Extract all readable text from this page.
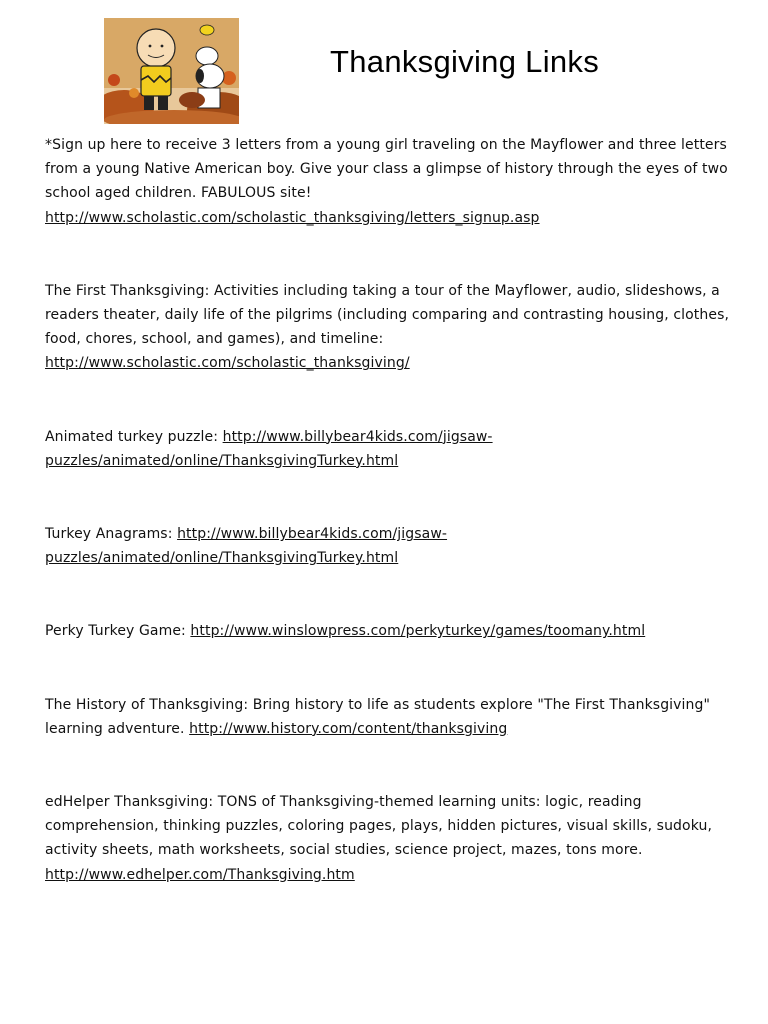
Thanksgiving Links

*Sign up here to receive 3 letters from a young girl traveling on the Mayflower and three letters from a young Native American boy. Give your class a glimpse of history through the eyes of two school aged children. FABULOUS site! http://www.scholastic.com/scholastic_thanksgiving/letters_signup.asp

The First Thanksgiving: Activities including taking a tour of the Mayflower, audio, slideshows, a readers theater, daily life of the pilgrims (including comparing and contrasting housing, clothes, food, chores, school, and games), and timeline: http://www.scholastic.com/scholastic_thanksgiving/

Animated turkey puzzle: http://www.billybear4kids.com/jigsaw-puzzles/animated/online/ThanksgivingTurkey.html

Turkey Anagrams: http://www.billybear4kids.com/jigsaw-puzzles/animated/online/ThanksgivingTurkey.html

Perky Turkey Game: http://www.winslowpress.com/perkyturkey/games/toomany.html

The History of Thanksgiving: Bring history to life as students explore "The First Thanksgiving" learning adventure. http://www.history.com/content/thanksgiving

edHelper Thanksgiving: TONS of Thanksgiving-themed learning units: logic, reading comprehension, thinking puzzles, coloring pages, plays, hidden pictures, visual skills, sudoku, activity sheets, math worksheets, social studies, science project, mazes, tons more. http://www.edhelper.com/Thanksgiving.htm
